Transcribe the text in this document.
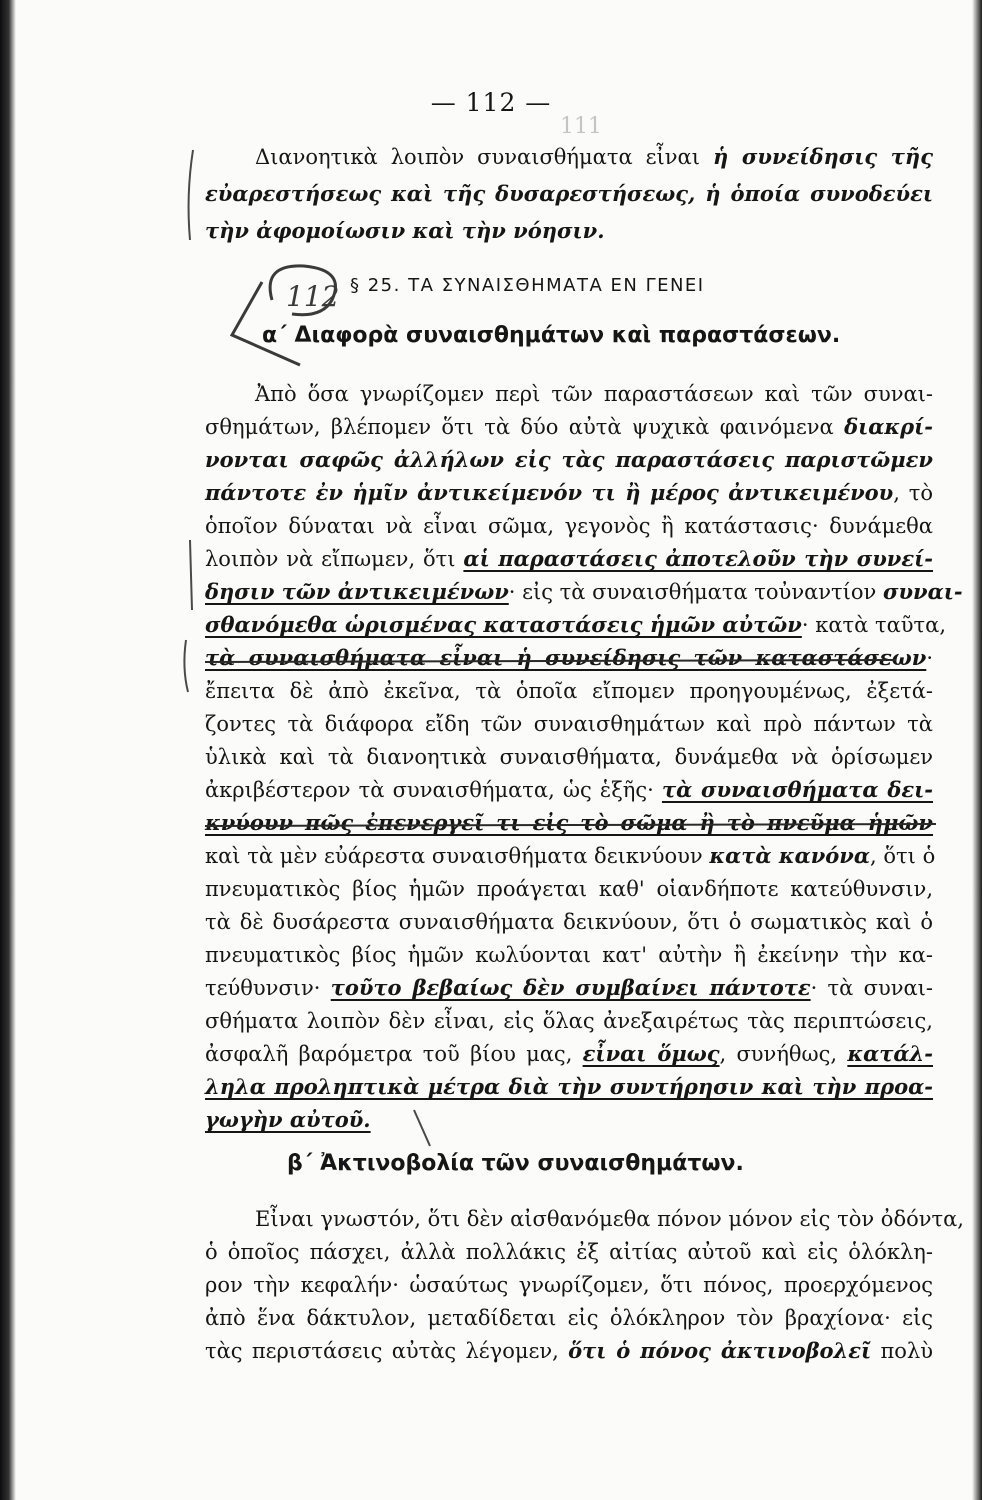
111
— 112 —
Διανοητικὰ λοιπὸν συναισθήματα εἶναι ἡ συνείδησις τῆς
εὐαρεστήσεως καὶ τῆς δυσαρεστήσεως, ἡ ὁποία συνοδεύει
τὴν ἀφομοίωσιν καὶ τὴν νόησιν.
§ 25. ΤΑ ΣΥΝΑΙΣΘΗΜΑΤΑ ΕΝ ΓΕΝΕΙ
α΄ Διαφορὰ συναισθημάτων καὶ παραστάσεων.
Ἀπὸ ὅσα γνωρίζομεν περὶ τῶν παραστάσεων καὶ τῶν συναι-
σθημάτων, βλέπομεν ὅτι τὰ δύο αὐτὰ ψυχικὰ φαινόμενα διακρί-
νονται σαφῶς ἀλλήλων εἰς τὰς παραστάσεις παριστῶμεν
πάντοτε ἐν ἡμῖν ἀντικείμενόν τι ἢ μέρος ἀντικειμένου, τὸ
ὁποῖον δύναται νὰ εἶναι σῶμα, γεγονὸς ἢ κατάστασις· δυνάμεθα
λοιπὸν νὰ εἴπωμεν, ὅτι αἱ παραστάσεις ἀποτελοῦν τὴν συνεί-
δησιν τῶν ἀντικειμένων· εἰς τὰ συναισθήματα τοὐναντίον συναι-
σθανόμεθα ὡρισμένας καταστάσεις ἡμῶν αὐτῶν· κατὰ ταῦτα,
τὰ συναισθήματα εἶναι ἡ συνείδησις τῶν καταστάσεων·
ἔπειτα δὲ ἀπὸ ἐκεῖνα, τὰ ὁποῖα εἴπομεν προηγουμένως, ἐξετά-
ζοντες τὰ διάφορα εἴδη τῶν συναισθημάτων καὶ πρὸ πάντων τὰ
ὑλικὰ καὶ τὰ διανοητικὰ συναισθήματα, δυνάμεθα νὰ ὁρίσωμεν
ἀκριβέστερον τὰ συναισθήματα, ὡς ἑξῆς· τὰ συναισθήματα δει-
κνύουν πῶς ἐπενεργεῖ τι εἰς τὸ σῶμα ἢ τὸ πνεῦμα ἡμῶν
καὶ τὰ μὲν εὐάρεστα συναισθήματα δεικνύουν κατὰ κανόνα, ὅτι ὁ
πνευματικὸς βίος ἡμῶν προάγεται καθ' οἱανδήποτε κατεύθυνσιν,
τὰ δὲ δυσάρεστα συναισθήματα δεικνύουν, ὅτι ὁ σωματικὸς καὶ ὁ
πνευματικὸς βίος ἡμῶν κωλύονται κατ' αὐτὴν ἢ ἐκείνην τὴν κα-
τεύθυνσιν· τοῦτο βεβαίως δὲν συμβαίνει πάντοτε· τὰ συναι-
σθήματα λοιπὸν δὲν εἶναι, εἰς ὅλας ἀνεξαιρέτως τὰς περιπτώσεις,
ἀσφαλῆ βαρόμετρα τοῦ βίου μας, εἶναι ὅμως, συνήθως, κατάλ-
ληλα προληπτικὰ μέτρα διὰ τὴν συντήρησιν καὶ τὴν προα-
γωγὴν αὐτοῦ.
β΄ Ἀκτινοβολία τῶν συναισθημάτων.
Εἶναι γνωστόν, ὅτι δὲν αἰσθανόμεθα πόνον μόνον εἰς τὸν ὀδόντα,
ὁ ὁποῖος πάσχει, ἀλλὰ πολλάκις ἐξ αἰτίας αὐτοῦ καὶ εἰς ὁλόκλη-
ρον τὴν κεφαλήν· ὡσαύτως γνωρίζομεν, ὅτι πόνος, προερχόμενος
ἀπὸ ἕνα δάκτυλον, μεταδίδεται εἰς ὁλόκληρον τὸν βραχίονα· εἰς
τὰς περιστάσεις αὐτὰς λέγομεν, ὅτι ὁ πόνος ἀκτινοβολεῖ πολὺ
112
